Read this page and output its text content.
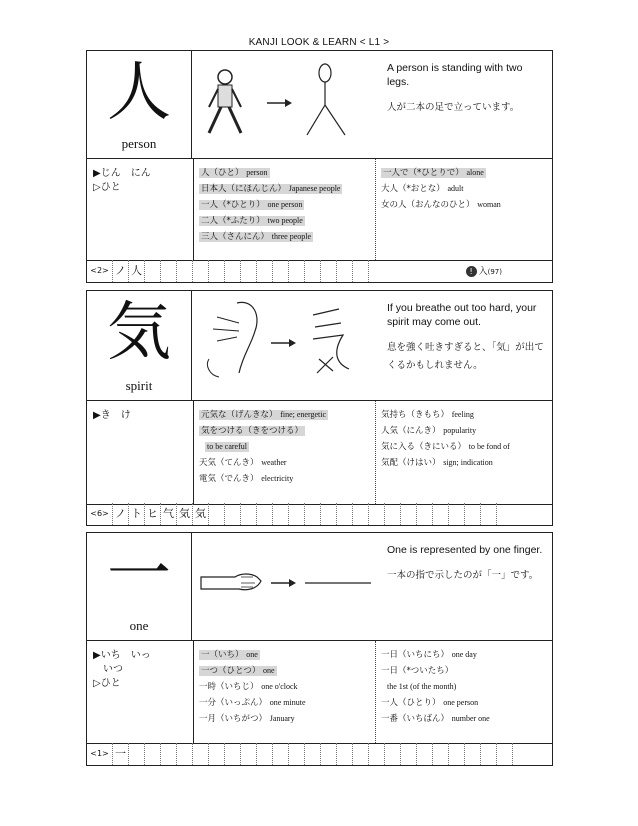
KANJI LOOK & LEARN < L1 >
人
person
A person is standing with two legs.
人が二本の足で立っています。
▶じん　にん
▷ひと
人（ひと） person
日本人（にほんじん） Japanese people
一人（*ひとり） one person
二人（*ふたり） two people
三人（さんにん） three people
一人で（*ひとりで） alone
大人（*おとな） adult
女の人（おんなのひと） woman
<2> ノ 人	! 入(97)
気
spirit
If you breathe out too hard, your spirit may come out.
息を強く吐きすぎると、「気」が出てくるかもしれません。
▶き　け	元気な（げんきな） fine; energetic
気をつける（きをつける）
to be careful
天気（てんき） weather
電気（でんき） electricity
気持ち（きもち） feeling
人気（にんき） popularity
気に入る（きにいる） to be fond of
気配（けはい） sign; indication
<6> ノ ト ヒ 气 気 気
一
one
One is represented by one finger.
一本の指で示したのが「一」です。
▶いち　いっ
　いつ
▷ひと
一（いち） one
一つ（ひとつ） one
一時（いちじ） one o'clock
一分（いっぷん） one minute
一月（いちがつ） January
一日（いちにち） one day
一日（*ついたち）
the 1st (of the month)
一人（ひとり） one person
一番（いちばん） number one
<1> 一
